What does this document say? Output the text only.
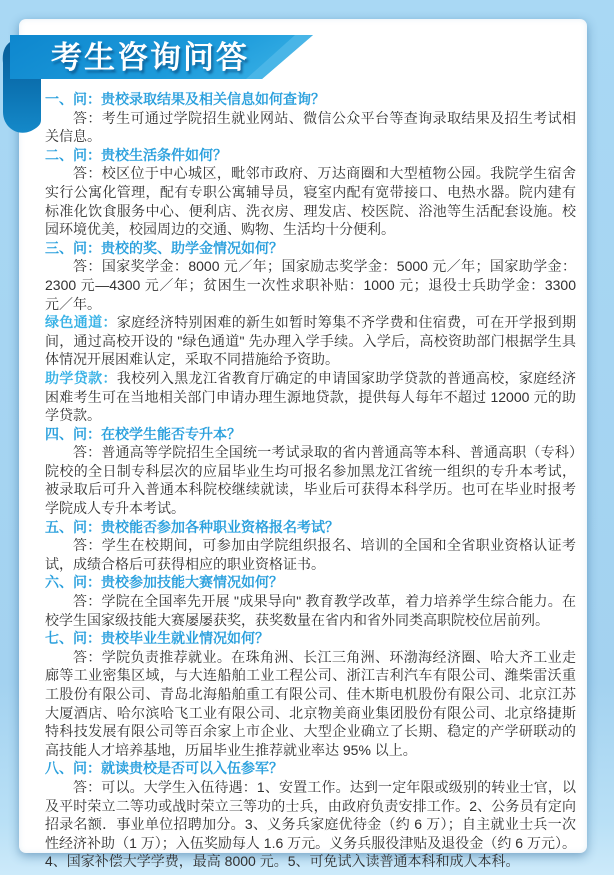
考生咨询问答

一、问：贵校录取结果及相关信息如何查询？

答：考生可通过学院招生就业网站、微信公众平台等查询录取结果及招生考试相关信息。

二、问：贵校生活条件如何？

答：校区位于中心城区，毗邻市政府、万达商圈和大型植物公园。我院学生宿舍实行公寓化管理，配有专职公寓辅导员，寝室内配有宽带接口、电热水器。院内建有标准化饮食服务中心、便利店、洗衣房、理发店、校医院、浴池等生活配套设施。校园环境优美，校园周边的交通、购物、生活均十分便利。

三、问：贵校的奖、助学金情况如何？

答：国家奖学金：8000 元／年；国家励志奖学金：5000 元／年；国家助学金：2300 元—4300 元／年；贫困生一次性求职补贴：1000 元；退役士兵助学金：3300 元／年。

绿色通道：家庭经济特别困难的新生如暂时筹集不齐学费和住宿费，可在开学报到期间，通过高校开设的 "绿色通道" 先办理入学手续。入学后，高校资助部门根据学生具体情况开展困难认定，采取不同措施给予资助。

助学贷款：我校列入黑龙江省教育厅确定的申请国家助学贷款的普通高校，家庭经济困难考生可在当地相关部门申请办理生源地贷款，提供每人每年不超过 12000 元的助学贷款。

四、问：在校学生能否专升本？

答：普通高等学院招生全国统一考试录取的省内普通高等本科、普通高职（专科）院校的全日制专科层次的应届毕业生均可报名参加黑龙江省统一组织的专升本考试，被录取后可升入普通本科院校继续就读，毕业后可获得本科学历。也可在毕业时报考学院成人专升本考试。

五、问：贵校能否参加各种职业资格报名考试？

答：学生在校期间，可参加由学院组织报名、培训的全国和全省职业资格认证考试，成绩合格后可获得相应的职业资格证书。

六、问：贵校参加技能大赛情况如何？

答：学院在全国率先开展 "成果导向" 教育教学改革，着力培养学生综合能力。在校学生国家级技能大赛屡屡获奖，获奖数量在省内和省外同类高职院校位居前列。

七、问：贵校毕业生就业情况如何？

答：学院负责推荐就业。在珠角洲、长江三角洲、环渤海经济圈、哈大齐工业走廊等工业密集区域，与大连船舶工业工程公司、浙江吉利汽车有限公司、潍柴雷沃重工股份有限公司、青岛北海船舶重工有限公司、佳木斯电机股份有限公司、北京江苏大厦酒店、哈尔滨哈飞工业有限公司、北京物美商业集团股份有限公司、北京络捷斯特科技发展有限公司等百余家上市企业、大型企业确立了长期、稳定的产学研联动的高技能人才培养基地，历届毕业生推荐就业率达 95% 以上。

八、问：就读贵校是否可以入伍参军？

答：可以。大学生入伍待遇：1、安置工作。达到一定年限或级别的转业士官，以及平时荣立二等功或战时荣立三等功的士兵，由政府负责安排工作。2、公务员有定向招录名额．事业单位招聘加分。3、义务兵家庭优待金（约 6 万）；自主就业士兵一次性经济补助（1 万）；入伍奖励每人 1.6 万元。义务兵服役津贴及退役金（约 6 万元）。4、国家补偿大学学费，最高 8000 元。5、可免试入读普通本科和成人本科。
